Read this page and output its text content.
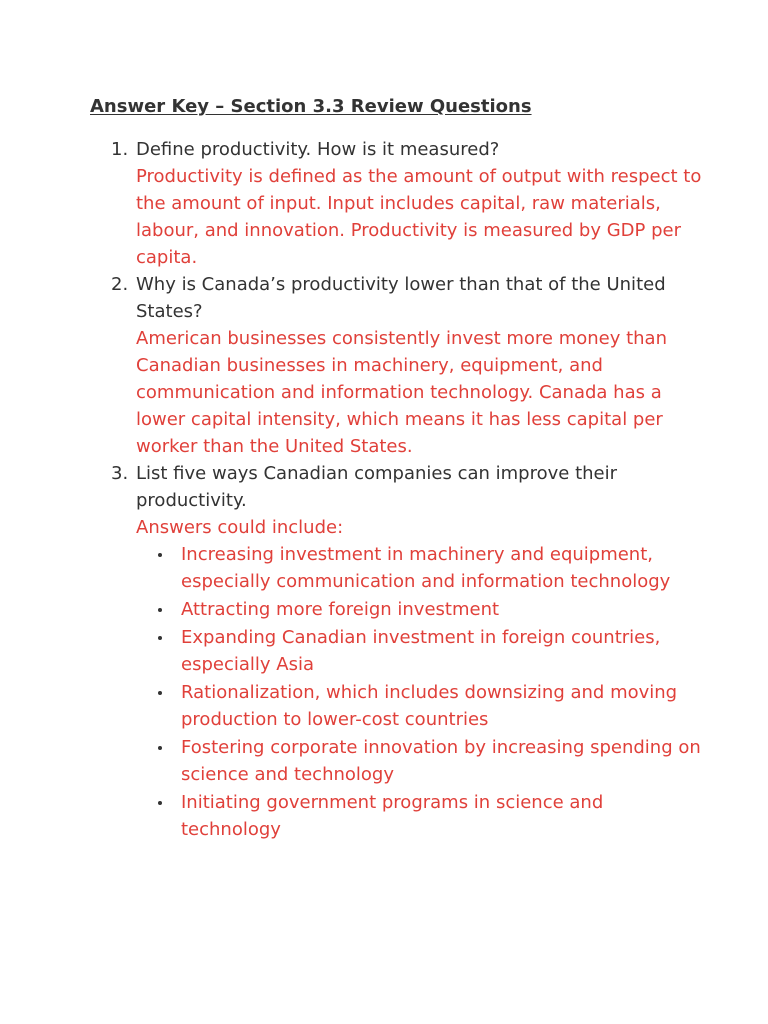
Answer Key – Section 3.3 Review Questions
1. Define productivity. How is it measured?
Productivity is defined as the amount of output with respect to the amount of input. Input includes capital, raw materials, labour, and innovation. Productivity is measured by GDP per capita.
2. Why is Canada’s productivity lower than that of the United States?
American businesses consistently invest more money than Canadian businesses in machinery, equipment, and communication and information technology. Canada has a lower capital intensity, which means it has less capital per worker than the United States.
3. List five ways Canadian companies can improve their productivity.
Answers could include:
Increasing investment in machinery and equipment, especially communication and information technology
Attracting more foreign investment
Expanding Canadian investment in foreign countries, especially Asia
Rationalization, which includes downsizing and moving production to lower-cost countries
Fostering corporate innovation by increasing spending on science and technology
Initiating government programs in science and technology
